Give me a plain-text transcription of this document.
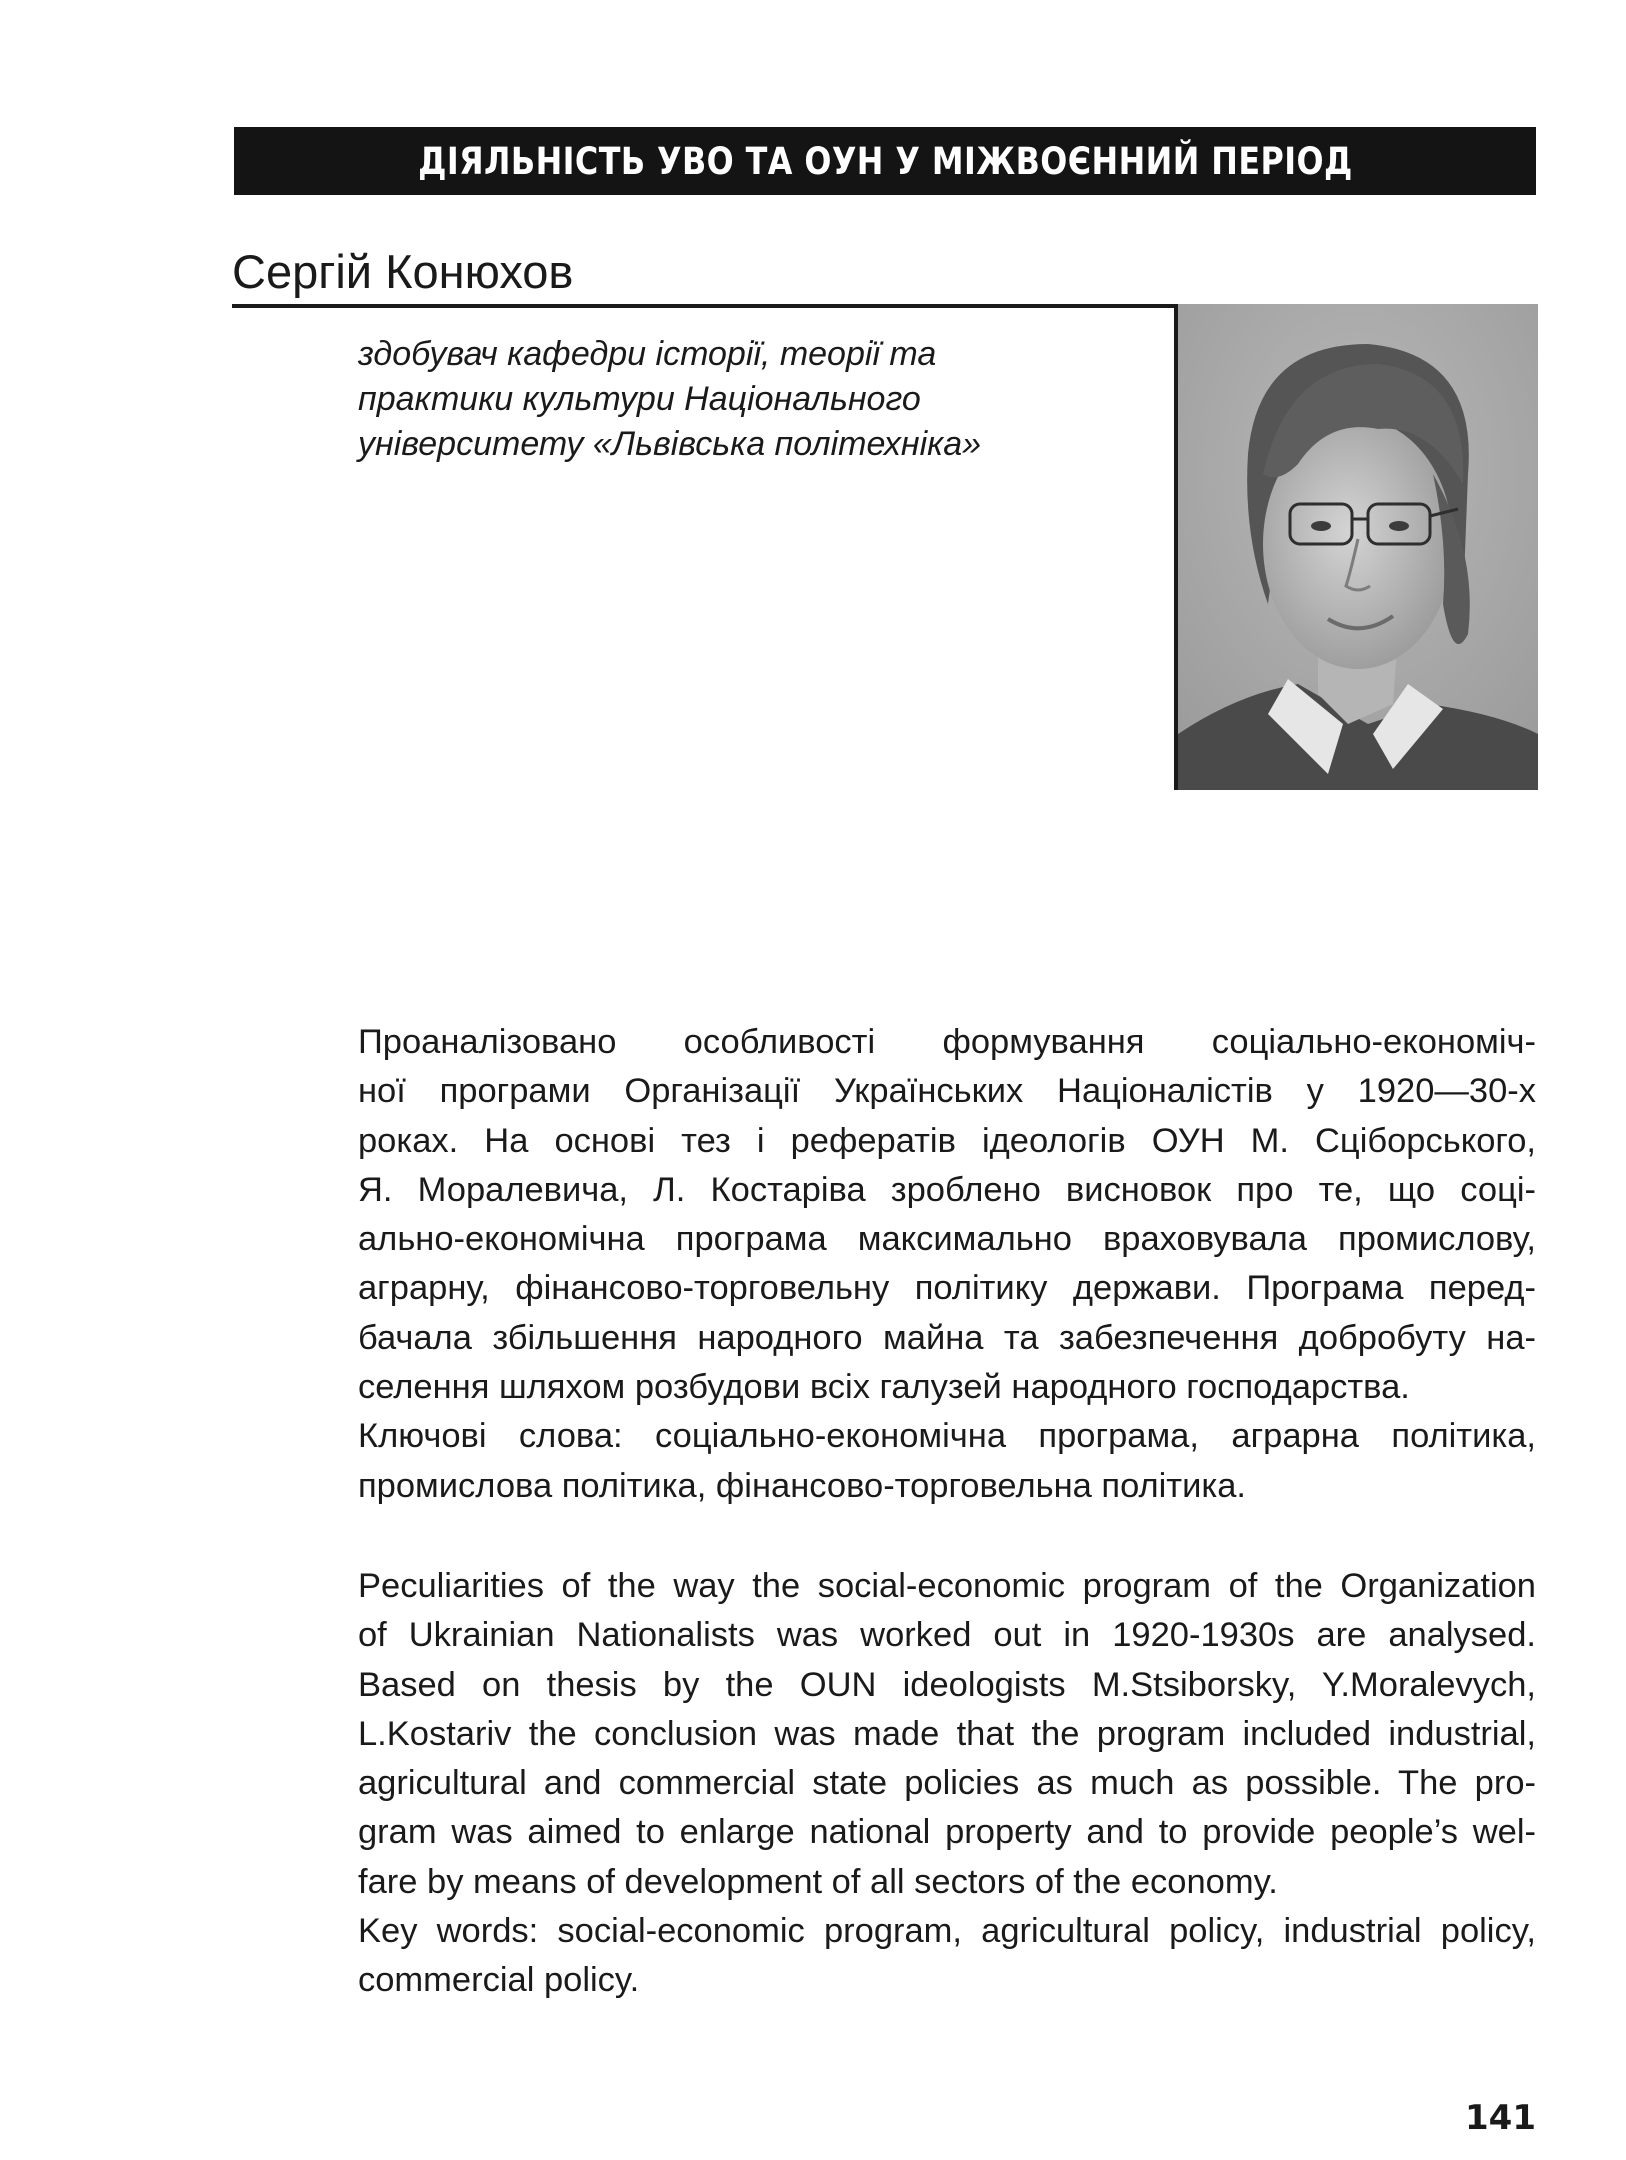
ДІЯЛЬНІСТЬ УВО ТА ОУН У МІЖВОЄННИЙ ПЕРІОД
Сергій Конюхов
здобувач кафедри історії, теорії та
практики культури Національного
університету «Львівська політехніка»
Проаналізовано особливості формування соціально-економіч-
ної програми Організації Українських Націоналістів у 1920—30-х
роках. На основі тез і рефератів ідеологів ОУН М. Сціборського,
Я. Моралевича, Л. Костаріва зроблено висновок про те, що соці-
ально-економічна програма максимально враховувала промислову,
аграрну, фінансово-торговельну політику держави. Програма перед-
бачала збільшення народного майна та забезпечення добробуту на-
селення шляхом розбудови всіх галузей народного господарства.
Ключові слова: соціально-економічна програма, аграрна політика,
промислова політика, фінансово-торговельна політика.
Peculiarities of the way the social-economic program of the Organization
of Ukrainian Nationalists was worked out in 1920-1930s are analysed.
Based on thesis by the OUN ideologists M.Stsiborsky, Y.Moralevych,
L.Kostariv the conclusion was made that the program included industrial,
agricultural and commercial state policies as much as possible. The pro-
gram was aimed to enlarge national property and to provide people’s wel-
fare by means of development of all sectors of the economy.
Key words: social-economic program, agricultural policy, industrial policy,
commercial policy.
141
